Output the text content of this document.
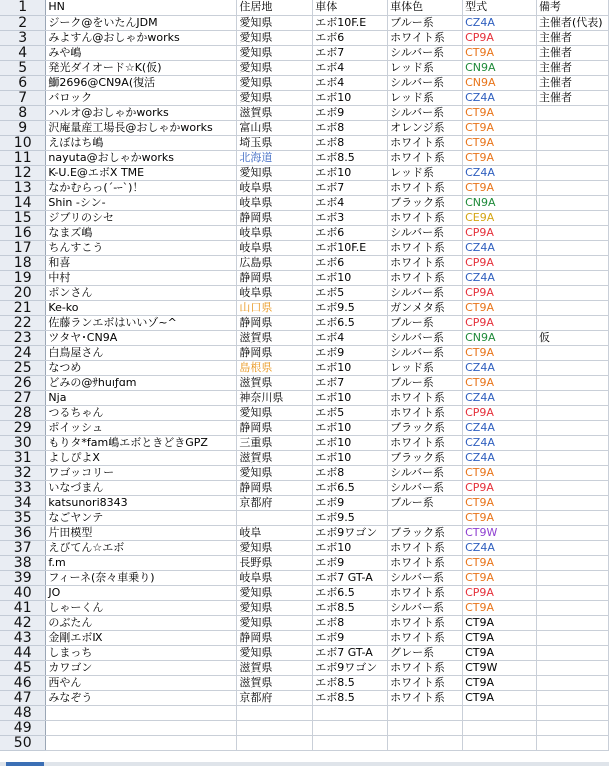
1	HN	住居地	車体	車体色	型式	備考
2	ジーク@をいたんJDM	愛知県	エボ10F.E	ブルー系	CZ4A	主催者(代表)
3	みよすん@おしゃかworks	愛知県	エボ6	ホワイト系	CP9A	主催者
4	みや嶋	愛知県	エボ7	シルバー系	CT9A	主催者
5	発光ダイオード☆K(仮)	愛知県	エボ4	レッド系	CN9A	主催者
6	鰤2696@CN9A(復活	愛知県	エボ4	シルバー系	CN9A	主催者
7	バロック	愛知県	エボ10	レッド系	CZ4A	主催者
8	ハルオ@おしゃかworks	滋賀県	エボ9	シルバー系	CT9A	
9	沢庵量産工場長@おしゃかworks	富山県	エボ8	オレンジ系	CT9A	
10	えぼはち嶋	埼玉県	エボ8	ホワイト系	CT9A	
11	nayuta@おしゃかworks	北海道	エボ8.5	ホワイト系	CT9A	
12	K-U.E@エボX TME	愛知県	エボ10	レッド系	CZ4A	
13	なかむらっ(´-ｰ`)！	岐阜県	エボ7	ホワイト系	CT9A	
14	Shin -シン-	岐阜県	エボ4	ブラック系	CN9A	
15	ジブリのシセ	静岡県	エボ3	ホワイト系	CE9A	
16	なまズ嶋	岐阜県	エボ6	シルバー系	CP9A	
17	ちんすこう	岐阜県	エボ10F.E	ホワイト系	CZ4A	
18	和喜	広島県	エボ6	ホワイト系	CP9A	
19	中村	静岡県	エボ10	ホワイト系	CZ4A	
20	ポンさん	岐阜県	エボ5	シルバー系	CP9A	
21	Ke-ko	山口県	エボ9.5	ガンメタ系	CT9A	
22	佐藤ランエボはいいゾ~^	静岡県	エボ6.5	ブルー系	CP9A	
23	ツタヤ･CN9A	滋賀県	エボ4	シルバー系	CN9A	仮
24	白鳥屋さん	静岡県	エボ9	シルバー系	CT9A	
25	なつめ	島根県	エボ10	レッド系	CZ4A	
26	どみの@ｻhuıƒɑm	滋賀県	エボ7	ブルー系	CT9A	
27	Nja	神奈川県	エボ10	ホワイト系	CZ4A	
28	つるちゃん	愛知県	エボ5	ホワイト系	CP9A	
29	ポイッシュ	静岡県	エボ10	ブラック系	CZ4A	
30	もりタ*fam嶋エボときどきGPZ	三重県	エボ10	ホワイト系	CZ4A	
31	よしぴよX	滋賀県	エボ10	ブラック系	CZ4A	
32	ワゴッコリー	愛知県	エボ8	シルバー系	CT9A	
33	いなづまん	静岡県	エボ6.5	シルバー系	CP9A	
34	katsunori8343	京都府	エボ9	ブルー系	CT9A	
35	なごヤンテ		エボ9.5		CT9A	
36	片田模型	岐阜	エボ9ワゴン	ブラック系	CT9W	
37	えびてん☆エボ	愛知県	エボ10	ホワイト系	CZ4A	
38	f.m	長野県	エボ9	ホワイト系	CT9A	
39	フィーネ(奈々車乗り)	岐阜県	エボ7 GT-A	シルバー系	CT9A	
40	JO	愛知県	エボ6.5	ホワイト系	CP9A	
41	しゃーくん	愛知県	エボ8.5	シルバー系	CT9A	
42	のぶたん	愛知県	エボ8	ホワイト系	CT9A	
43	金剛エボⅨ	静岡県	エボ9	ホワイト系	CT9A	
44	しまっち	愛知県	エボ7 GT-A	グレー系	CT9A	
45	カワゴン	滋賀県	エボ9ワゴン	ホワイト系	CT9W	
46	西やん	滋賀県	エボ8.5	ホワイト系	CT9A	
47	みなぞう	京都府	エボ8.5	ホワイト系	CT9A	
48						
49						
50						
